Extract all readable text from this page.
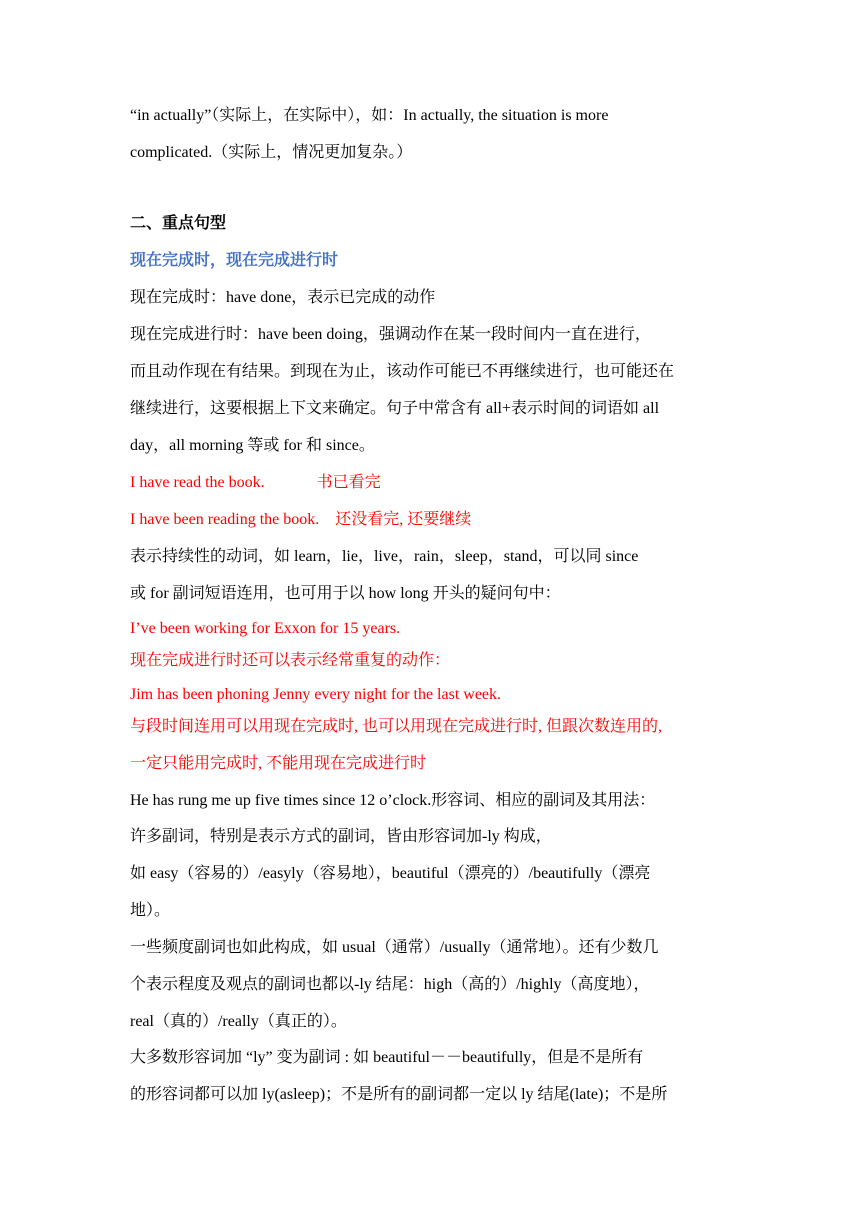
“in actually”（实际上，在实际中），如：In actually, the situation is more
complicated.（实际上，情况更加复杂。）
二、重点句型
现在完成时，现在完成进行时
现在完成时：have done，表示已完成的动作
现在完成进行时：have been doing，强调动作在某一段时间内一直在进行，
而且动作现在有结果。到现在为止，该动作可能已不再继续进行，也可能还在
继续进行，这要根据上下文来确定。句子中常含有 all+表示时间的词语如 all
day，all morning 等或 for 和 since。
I have read the book.	书已看完
I have been reading the book. 还没看完, 还要继续
表示持续性的动词，如 learn，lie，live，rain，sleep，stand，可以同 since
或 for 副词短语连用，也可用于以 how long 开头的疑问句中：
I’ve been working for Exxon for 15 years.
现在完成进行时还可以表示经常重复的动作：
Jim has been phoning Jenny every night for the last week.
与段时间连用可以用现在完成时, 也可以用现在完成进行时, 但跟次数连用的,
一定只能用完成时, 不能用现在完成进行时
He has rung me up five times since 12 o’clock.形容词、相应的副词及其用法：
许多副词，特别是表示方式的副词，皆由形容词加-ly 构成，
如 easy（容易的）/easyly（容易地），beautiful（漂亮的）/beautifully（漂亮
地）。
一些频度副词也如此构成，如 usual（通常）/usually（通常地）。还有少数几
个表示程度及观点的副词也都以-ly 结尾：high（高的）/highly（高度地），
real（真的）/really（真正的）。
大多数形容词加 “ly” 变为副词 : 如 beautiful－－beautifully，但是不是所有
的形容词都可以加 ly(asleep)；不是所有的副词都一定以 ly 结尾(late)；不是所
